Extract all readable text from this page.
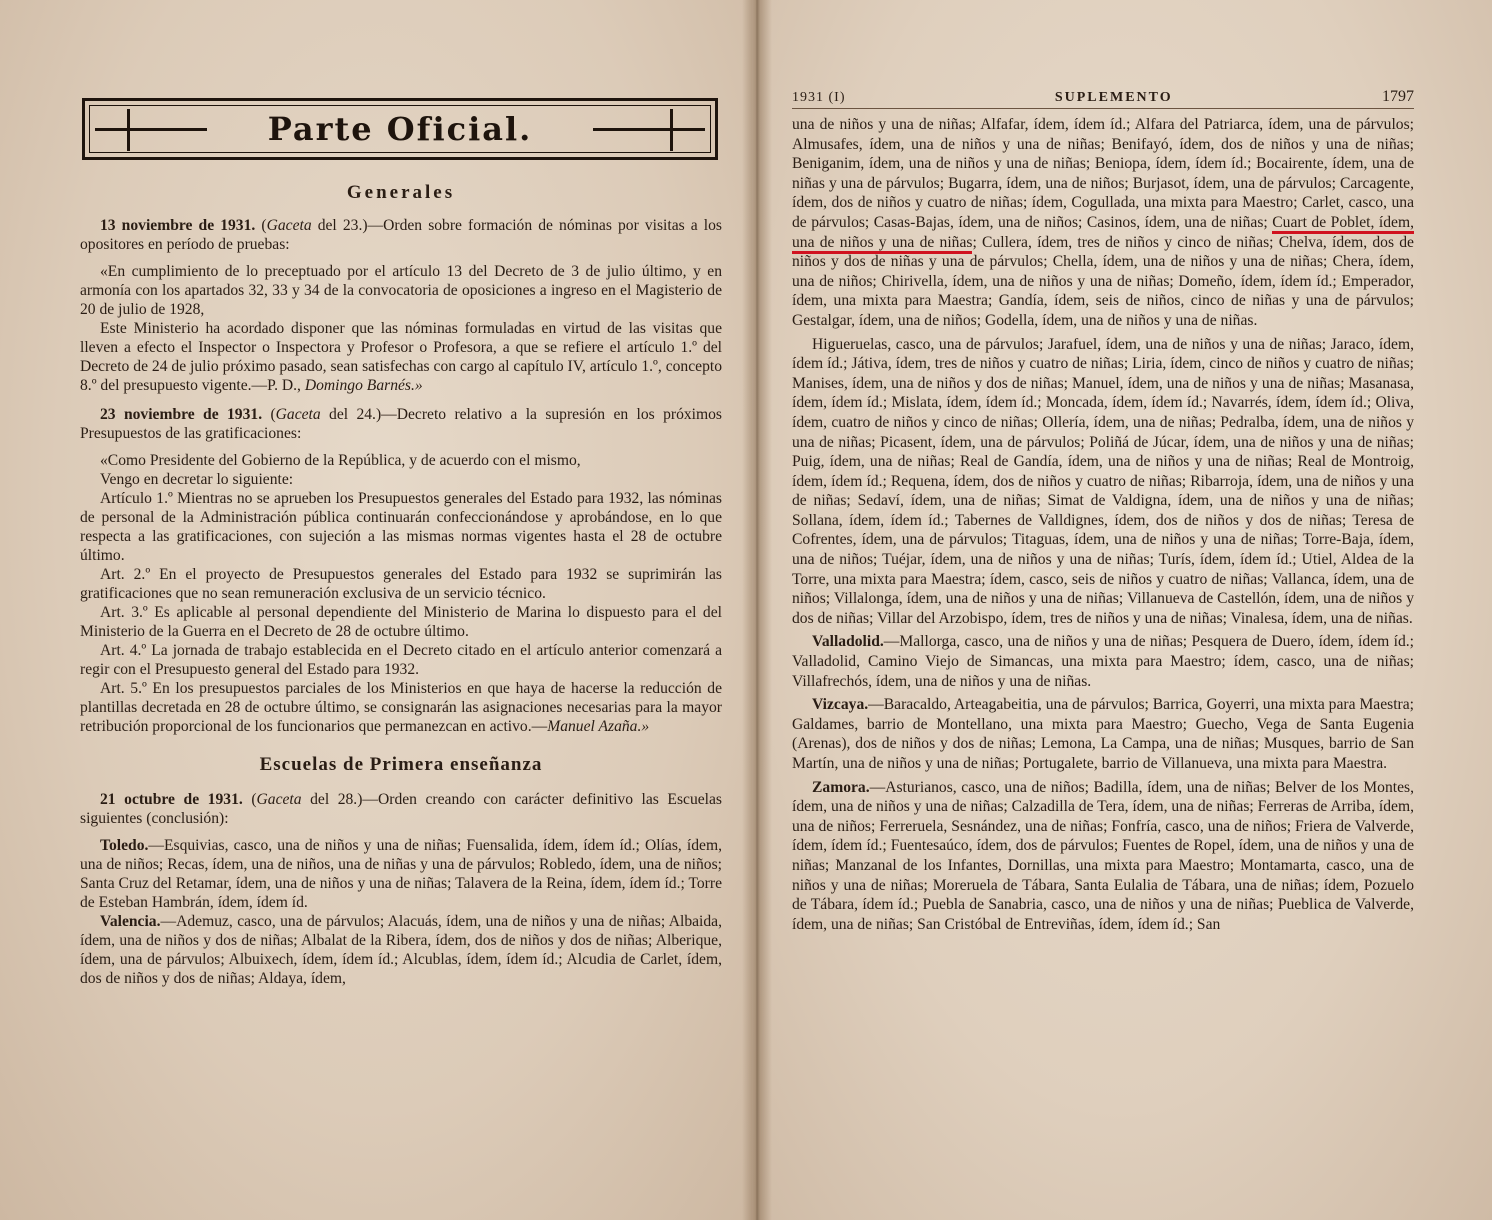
Parte Oficial.
Generales

13 noviembre de 1931. (Gaceta del 23.)—Orden sobre formación de nóminas por visitas a los opositores en período de pruebas:

«En cumplimiento de lo preceptuado por el artículo 13 del Decreto de 3 de julio último, y en armonía con los apartados 32, 33 y 34 de la convocatoria de oposiciones a ingreso en el Magisterio de 20 de julio de 1928,

Este Ministerio ha acordado disponer que las nóminas formuladas en virtud de las visitas que lleven a efecto el Inspector o Inspectora y Profesor o Profesora, a que se refiere el artículo 1.º del Decreto de 24 de julio próximo pasado, sean satisfechas con cargo al capítulo IV, artículo 1.º, concepto 8.º del presupuesto vigente.—P. D., Domingo Barnés.»

23 noviembre de 1931. (Gaceta del 24.)—Decreto relativo a la supresión en los próximos Presupuestos de las gratificaciones:

«Como Presidente del Gobierno de la República, y de acuerdo con el mismo,

Vengo en decretar lo siguiente:

Artículo 1.º Mientras no se aprueben los Presupuestos generales del Estado para 1932, las nóminas de personal de la Administración pública continuarán confeccionándose y aprobándose, en lo que respecta a las gratificaciones, con sujeción a las mismas normas vigentes hasta el 28 de octubre último.

Art. 2.º En el proyecto de Presupuestos generales del Estado para 1932 se suprimirán las gratificaciones que no sean remuneración exclusiva de un servicio técnico.

Art. 3.º Es aplicable al personal dependiente del Ministerio de Marina lo dispuesto para el del Ministerio de la Guerra en el Decreto de 28 de octubre último.

Art. 4.º La jornada de trabajo establecida en el Decreto citado en el artículo anterior comenzará a regir con el Presupuesto general del Estado para 1932.

Art. 5.º En los presupuestos parciales de los Ministerios en que haya de hacerse la reducción de plantillas decretada en 28 de octubre último, se consignarán las asignaciones necesarias para la mayor retribución proporcional de los funcionarios que permanezcan en activo.—Manuel Azaña.»

Escuelas de Primera enseñanza

21 octubre de 1931. (Gaceta del 28.)—Orden creando con carácter definitivo las Escuelas siguientes (conclusión):

Toledo.—Esquivias, casco, una de niños y una de niñas; Fuensalida, ídem, ídem íd.; Olías, ídem, una de niños; Recas, ídem, una de niños, una de niñas y una de párvulos; Robledo, ídem, una de niños; Santa Cruz del Retamar, ídem, una de niños y una de niñas; Talavera de la Reina, ídem, ídem íd.; Torre de Esteban Hambrán, ídem, ídem íd.

Valencia.—Ademuz, casco, una de párvulos; Alacuás, ídem, una de niños y una de niñas; Albaida, ídem, una de niños y dos de niñas; Albalat de la Ribera, ídem, dos de niños y dos de niñas; Alberique, ídem, una de párvulos; Albuixech, ídem, ídem íd.; Alcublas, ídem, ídem íd.; Alcudia de Carlet, ídem, dos de niños y dos de niñas; Aldaya, ídem,

1931 (I)	SUPLEMENTO	1797

una de niños y una de niñas; Alfafar, ídem, ídem íd.; Alfara del Patriarca, ídem, una de párvulos; Almusafes, ídem, una de niños y una de niñas; Benifayó, ídem, dos de niños y una de niñas; Beniganim, ídem, una de niños y una de niñas; Beniopa, ídem, ídem íd.; Bocairente, ídem, una de niñas y una de párvulos; Bugarra, ídem, una de niños; Burjasot, ídem, una de párvulos; Carcagente, ídem, dos de niños y cuatro de niñas; ídem, Cogullada, una mixta para Maestro; Carlet, casco, una de párvulos; Casas-Bajas, ídem, una de niños; Casinos, ídem, una de niñas; Cuart de Poblet, ídem, una de niños y una de niñas; Cullera, ídem, tres de niños y cinco de niñas; Chelva, ídem, dos de niños y dos de niñas y una de párvulos; Chella, ídem, una de niños y una de niñas; Chera, ídem, una de niños; Chirivella, ídem, una de niños y una de niñas; Domeño, ídem, ídem íd.; Emperador, ídem, una mixta para Maestra; Gandía, ídem, seis de niños, cinco de niñas y una de párvulos; Gestalgar, ídem, una de niños; Godella, ídem, una de niños y una de niñas.

Higueruelas, casco, una de párvulos; Jarafuel, ídem, una de niños y una de niñas; Jaraco, ídem, ídem íd.; Játiva, ídem, tres de niños y cuatro de niñas; Liria, ídem, cinco de niños y cuatro de niñas; Manises, ídem, una de niños y dos de niñas; Manuel, ídem, una de niños y una de niñas; Masanasa, ídem, ídem íd.; Mislata, ídem, ídem íd.; Moncada, ídem, ídem íd.; Navarrés, ídem, ídem íd.; Oliva, ídem, cuatro de niños y cinco de niñas; Ollería, ídem, una de niñas; Pedralba, ídem, una de niños y una de niñas; Picasent, ídem, una de párvulos; Poliñá de Júcar, ídem, una de niños y una de niñas; Puig, ídem, una de niñas; Real de Gandía, ídem, una de niños y una de niñas; Real de Montroig, ídem, ídem íd.; Requena, ídem, dos de niños y cuatro de niñas; Ribarroja, ídem, una de niños y una de niñas; Sedaví, ídem, una de niñas; Simat de Valdigna, ídem, una de niños y una de niñas; Sollana, ídem, ídem íd.; Tabernes de Valldignes, ídem, dos de niños y dos de niñas; Teresa de Cofrentes, ídem, una de párvulos; Titaguas, ídem, una de niños y una de niñas; Torre-Baja, ídem, una de niños; Tuéjar, ídem, una de niños y una de niñas; Turís, ídem, ídem íd.; Utiel, Aldea de la Torre, una mixta para Maestra; ídem, casco, seis de niños y cuatro de niñas; Vallanca, ídem, una de niños; Villalonga, ídem, una de niños y una de niñas; Villanueva de Castellón, ídem, una de niños y dos de niñas; Villar del Arzobispo, ídem, tres de niños y una de niñas; Vinalesa, ídem, una de niñas.

Valladolid.—Mallorga, casco, una de niños y una de niñas; Pesquera de Duero, ídem, ídem íd.; Valladolid, Camino Viejo de Simancas, una mixta para Maestro; ídem, casco, una de niñas; Villafrechós, ídem, una de niños y una de niñas.

Vizcaya.—Baracaldo, Arteagabeitia, una de párvulos; Barrica, Goyerri, una mixta para Maestra; Galdames, barrio de Montellano, una mixta para Maestro; Guecho, Vega de Santa Eugenia (Arenas), dos de niños y dos de niñas; Lemona, La Campa, una de niñas; Musques, barrio de San Martín, una de niños y una de niñas; Portugalete, barrio de Villanueva, una mixta para Maestra.

Zamora.—Asturianos, casco, una de niños; Badilla, ídem, una de niñas; Belver de los Montes, ídem, una de niños y una de niñas; Calzadilla de Tera, ídem, una de niñas; Ferreras de Arriba, ídem, una de niños; Ferreruela, Sesnández, una de niñas; Fonfría, casco, una de niños; Friera de Valverde, ídem, ídem íd.; Fuentesaúco, ídem, dos de párvulos; Fuentes de Ropel, ídem, una de niños y una de niñas; Manzanal de los Infantes, Dornillas, una mixta para Maestro; Montamarta, casco, una de niños y una de niñas; Moreruela de Tábara, Santa Eulalia de Tábara, una de niñas; ídem, Pozuelo de Tábara, ídem íd.; Puebla de Sanabria, casco, una de niños y una de niñas; Pueblica de Valverde, ídem, una de niñas; San Cristóbal de Entreviñas, ídem, ídem íd.; San
